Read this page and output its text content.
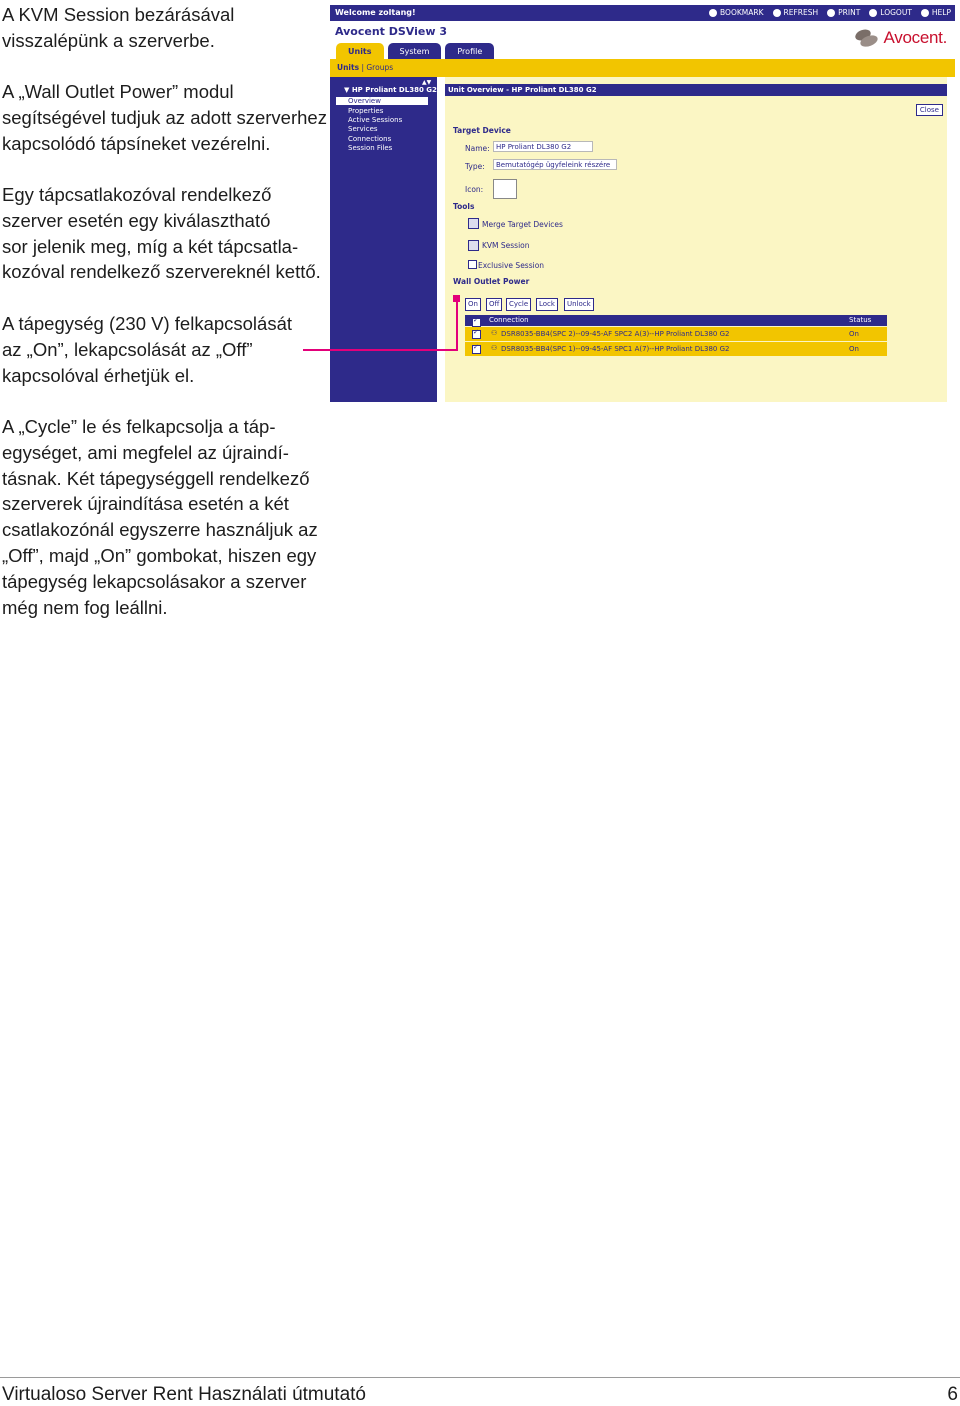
A KVM Session bezárásával
visszalépünk a szerverbe.
A „Wall Outlet Power” modul
segítségével tudjuk az adott szerverhez
kapcsolódó tápsíneket vezérelni.
Egy tápcsatlakozóval rendelkező
szerver esetén egy kiválasztható
sor jelenik meg, míg a két tápcsatla-
kozóval rendelkező szervereknél kettő.
A tápegység (230 V) felkapcsolását
az „On”, lekapcsolását az „Off”
kapcsolóval érhetjük el.
A „Cycle” le és felkapcsolja a táp-
egységet, ami megfelel az újraindí-
tásnak. Két tápegységgell rendelkező
szerverek újraindítása esetén a két
csatlakozónál egyszerre használjuk az
„Off”, majd „On” gombokat, hiszen egy
tápegység lekapcsolásakor a szerver
még nem fog leállni.
Welcome zoltang!	BOOKMARK	REFRESH	PRINT	LOGOUT	HELP
Avocent DSView 3	Avocent.
Units	System	Profile
Units | Groups
▲▼
▼ HP Proliant DL380 G2
Overview
Properties
Active Sessions
Services
Connections
Session Files
Unit Overview - HP Proliant DL380 G2
Close
Target Device
Name: HP Proliant DL380 G2
Type:	Bemutatógép ügyfeleink részére
Icon:
Tools
Merge Target Devices
KVM Session
Exclusive Session
Wall Outlet Power
On	Off	Cycle	Lock	Unlock
✓
Connection	Status
✓
⚇ DSR8035-BB4(SPC 2)--09-45-AF SPC2 A(3)--HP Proliant DL380 G2	On
✓
⚇ DSR8035-BB4(SPC 1)--09-45-AF SPC1 A(7)--HP Proliant DL380 G2	On
Virtualoso Server Rent Használati útmutató	6
